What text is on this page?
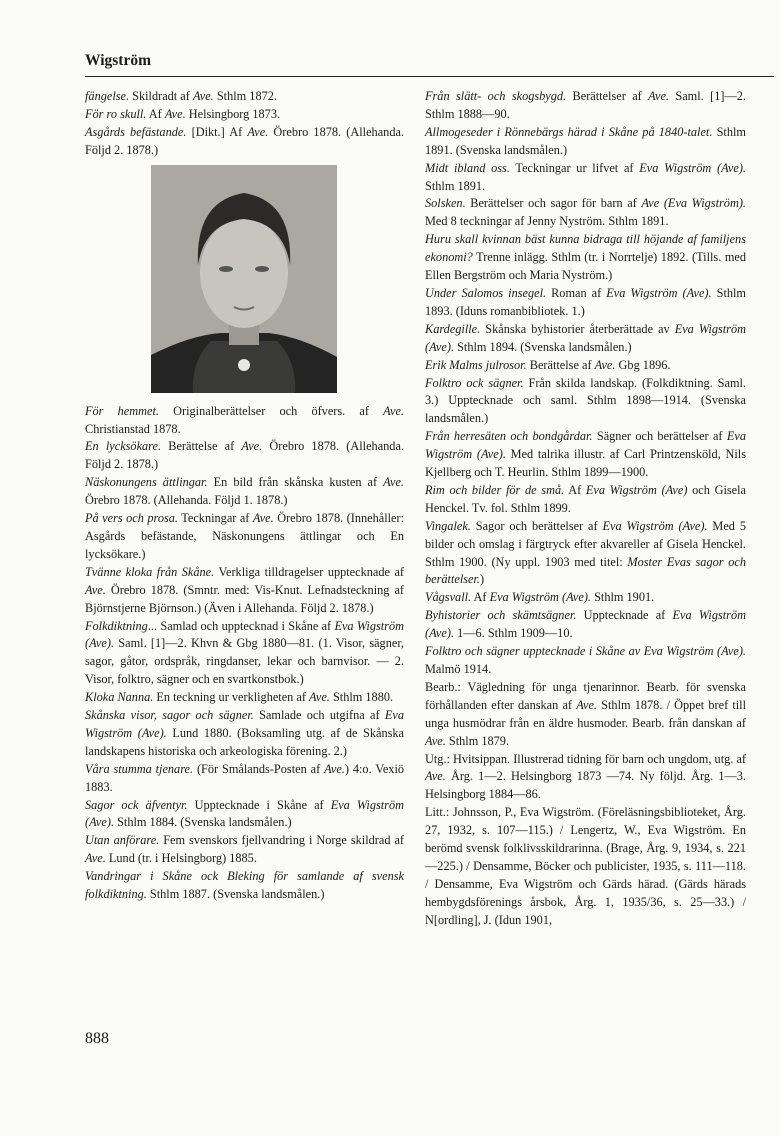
Wigström

fängelse. Skildradt af Ave. Sthlm 1872.

För ro skull. Af Ave. Helsingborg 1873.

Asgårds befästande. [Dikt.] Af Ave. Örebro 1878. (Allehanda. Följd 2. 1878.)

För hemmet. Originalberättelser och öfvers. af Ave. Christianstad 1878.

En lycksökare. Berättelse af Ave. Örebro 1878. (Allehanda. Följd 2. 1878.)

Näskonungens ättlingar. En bild från skånska kusten af Ave. Örebro 1878. (Allehanda. Följd 1. 1878.)

På vers och prosa. Teckningar af Ave. Örebro 1878. (Innehåller: Asgårds befästande, Näskonungens ättlingar och En lycksökare.)

Tvänne kloka från Skåne. Verkliga tilldragelser upptecknade af Ave. Örebro 1878. (Smntr. med: Vis-Knut. Lefnadsteckning af Björnstjerne Björnson.) (Även i Allehanda. Följd 2. 1878.)

Folkdiktning... Samlad och upptecknad i Skåne af Eva Wigström (Ave). Saml. [1]—2. Khvn & Gbg 1880—81. (1. Visor, sägner, sagor, gåtor, ordspråk, ringdanser, lekar och barnvisor. — 2. Visor, folktro, sägner och en svartkonstbok.)

Kloka Nanna. En teckning ur verkligheten af Ave. Sthlm 1880.

Skånska visor, sagor och sägner. Samlade och utgifna af Eva Wigström (Ave). Lund 1880. (Boksamling utg. af de Skånska landskapens historiska och arkeologiska förening. 2.)

Våra stumma tjenare. (För Smålands-Posten af Ave.) 4:o. Vexiö 1883.

Sagor ock äfventyr. Upptecknade i Skåne af Eva Wigström (Ave). Sthlm 1884. (Svenska landsmålen.)

Utan anförare. Fem svenskors fjellvandring i Norge skildrad af Ave. Lund (tr. i Helsingborg) 1885.

Vandringar i Skåne ock Bleking för samlande af svensk folkdiktning. Sthlm 1887. (Svenska landsmålen.)

Från slätt- och skogsbygd. Berättelser af Ave. Saml. [1]—2. Sthlm 1888—90.

Allmogeseder i Rönnebärgs härad i Skåne på 1840-talet. Sthlm 1891. (Svenska landsmålen.)

Midt ibland oss. Teckningar ur lifvet af Eva Wigström (Ave). Sthlm 1891.

Solsken. Berättelser och sagor för barn af Ave (Eva Wigström). Med 8 teckningar af Jenny Nyström. Sthlm 1891.

Huru skall kvinnan bäst kunna bidraga till höjande af familjens ekonomi? Trenne inlägg. Sthlm (tr. i Norrtelje) 1892. (Tills. med Ellen Bergström och Maria Nyström.)

Under Salomos insegel. Roman af Eva Wigström (Ave). Sthlm 1893. (Iduns romanbibliotek. 1.)

Kardegille. Skånska byhistorier återberättade av Eva Wigström (Ave). Sthlm 1894. (Svenska landsmålen.)

Erik Malms julrosor. Berättelse af Ave. Gbg 1896.

Folktro ock sägner. Från skilda landskap. (Folkdiktning. Saml. 3.) Upptecknade och saml. Sthlm 1898—1914. (Svenska landsmålen.)

Från herresäten och bondgårdar. Sägner och berättelser af Eva Wigström (Ave). Med talrika illustr. af Carl Printzensköld, Nils Kjellberg och T. Heurlin. Sthlm 1899—1900.

Rim och bilder för de små. Af Eva Wigström (Ave) och Gisela Henckel. Tv. fol. Sthlm 1899.

Vingalek. Sagor och berättelser af Eva Wigström (Ave). Med 5 bilder och omslag i färgtryck efter akvareller af Gisela Henckel. Sthlm 1900. (Ny uppl. 1903 med titel: Moster Evas sagor och berättelser.)

Vågsvall. Af Eva Wigström (Ave). Sthlm 1901.

Byhistorier och skämtsägner. Upptecknade af Eva Wigström (Ave). 1—6. Sthlm 1909—10.

Folktro och sägner upptecknade i Skåne av Eva Wigström (Ave). Malmö 1914.

Bearb.: Vägledning för unga tjenarinnor. Bearb. för svenska förhållanden efter danskan af Ave. Sthlm 1878. / Öppet bref till unga husmödrar från en äldre husmoder. Bearb. från danskan af Ave. Sthlm 1879.

Utg.: Hvitsippan. Illustrerad tidning för barn och ungdom, utg. af Ave. Årg. 1—2. Helsingborg 1873 —74. Ny följd. Årg. 1—3. Helsingborg 1884—86.

Litt.: Johnsson, P., Eva Wigström. (Föreläsningsbiblioteket, Årg. 27, 1932, s. 107—115.) / Lengertz, W., Eva Wigström. En berömd svensk folklivsskildrarinna. (Brage, Årg. 9, 1934, s. 221—225.) / Densamme, Böcker och publicister, 1935, s. 111—118. / Densamme, Eva Wigström och Gärds härad. (Gärds härads hembygdsförenings årsbok, Årg. 1, 1935/36, s. 25—33.) / N[ordling], J. (Idun 1901,

888
